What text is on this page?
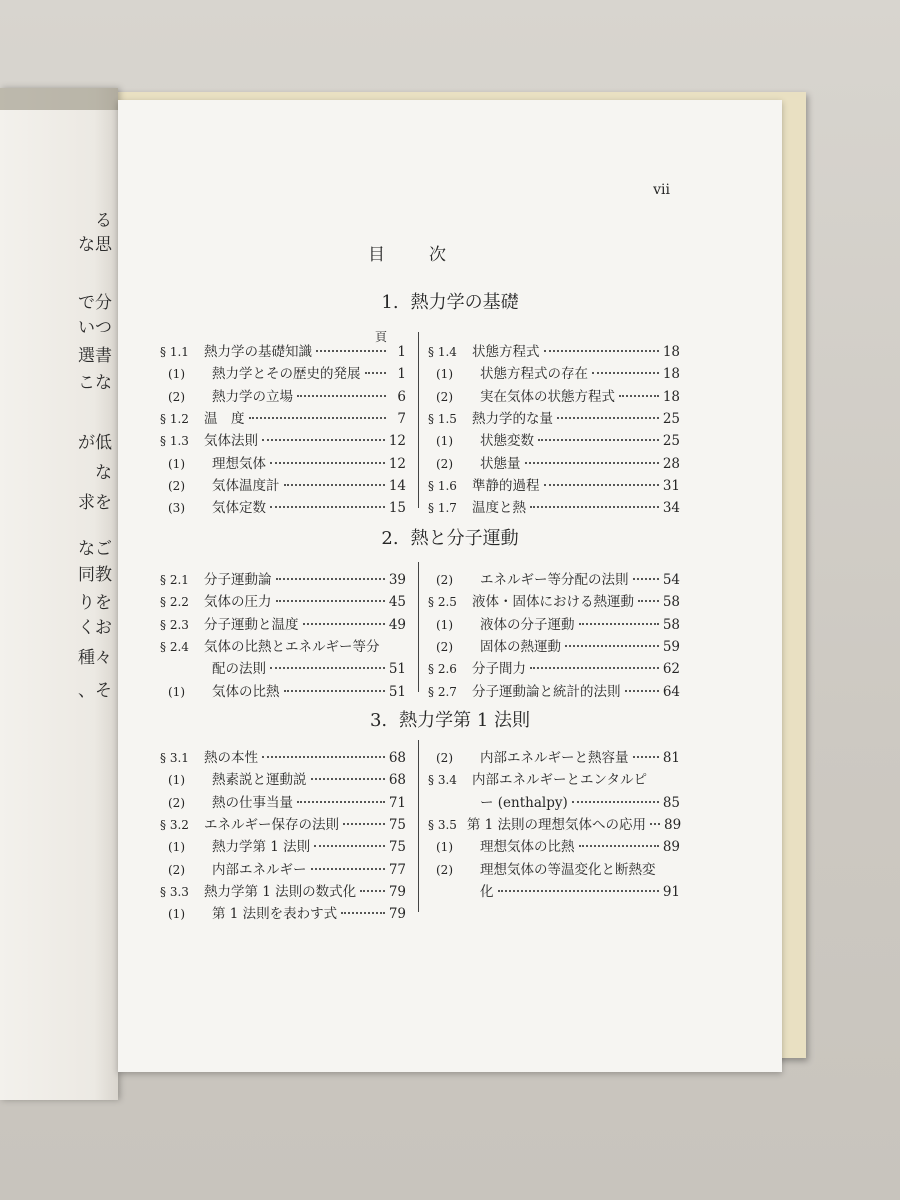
る
な思
で分
いつ
選書
こな
が低
な
求を
なご
同教
りを
くお
種々
、そ
vii
目次
頁
1. 熱力学の基礎
§ 1.1	熱力学の基礎知識	1
(1)	熱力学とその歴史的発展	1
(2)	熱力学の立場	6
§ 1.2	温　度	7
§ 1.3	気体法則	12
(1)	理想気体	12
(2)	気体温度計	14
(3)	気体定数	15
§ 1.4	状態方程式	18
(1)	状態方程式の存在	18
(2)	実在気体の状態方程式	18
§ 1.5	熱力学的な量	25
(1)	状態変数	25
(2)	状態量	28
§ 1.6	準静的過程	31
§ 1.7	温度と熱	34
2. 熱と分子運動
§ 2.1	分子運動論	39
§ 2.2	気体の圧力	45
§ 2.3	分子運動と温度	49
§ 2.4	気体の比熱とエネルギー等分
配の法則	51
(1)	気体の比熱	51
(2)	エネルギー等分配の法則	54
§ 2.5	液体・固体における熱運動 58
(1)	液体の分子運動	58
(2)	固体の熱運動	59
§ 2.6	分子間力	62
§ 2.7	分子運動論と統計的法則	64
3. 熱力学第 1 法則
§ 3.1	熱の本性	68
(1)	熱素説と運動説	68
(2)	熱の仕事当量	71
§ 3.2	エネルギー保存の法則	75
(1)	熱力学第 1 法則	75
(2)	内部エネルギー	77
§ 3.3	熱力学第 1 法則の数式化 79
(1)	第 1 法則を表わす式	79
(2)	内部エネルギーと熱容量	81
§ 3.4	内部エネルギーとエンタルピ
ー (enthalpy)	85
§ 3.5 第 1 法則の理想気体への応用 89
(1)	理想気体の比熱	89
(2)	理想気体の等温変化と断熱変
化	91
